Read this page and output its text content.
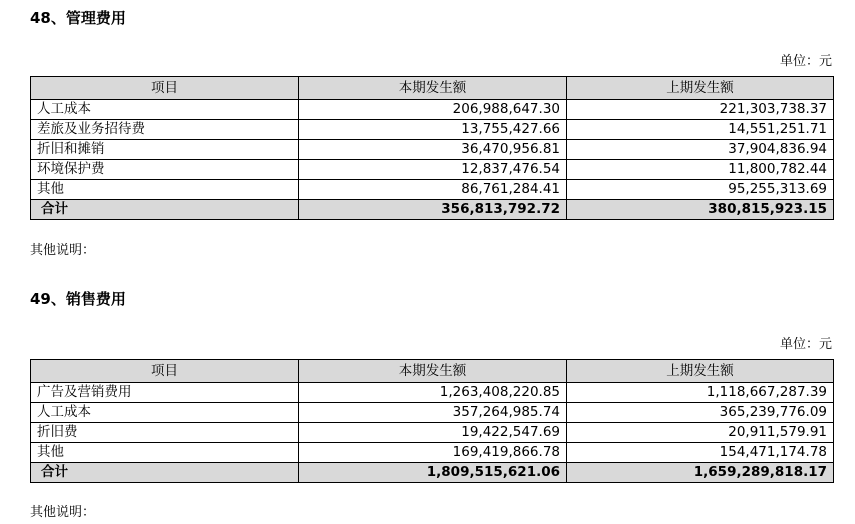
48、管理费用
单位：元
项目	本期发生额	上期发生额
人工成本	206,988,647.30	221,303,738.37
差旅及业务招待费	13,755,427.66	14,551,251.71
折旧和摊销	36,470,956.81	37,904,836.94
环境保护费	12,837,476.54	11,800,782.44
其他	86,761,284.41	95,255,313.69
合计	356,813,792.72	380,815,923.15
其他说明：
49、销售费用
单位：元
项目	本期发生额	上期发生额
广告及营销费用	1,263,408,220.85	1,118,667,287.39
人工成本	357,264,985.74	365,239,776.09
折旧费	19,422,547.69	20,911,579.91
其他	169,419,866.78	154,471,174.78
合计	1,809,515,621.06	1,659,289,818.17
其他说明：
